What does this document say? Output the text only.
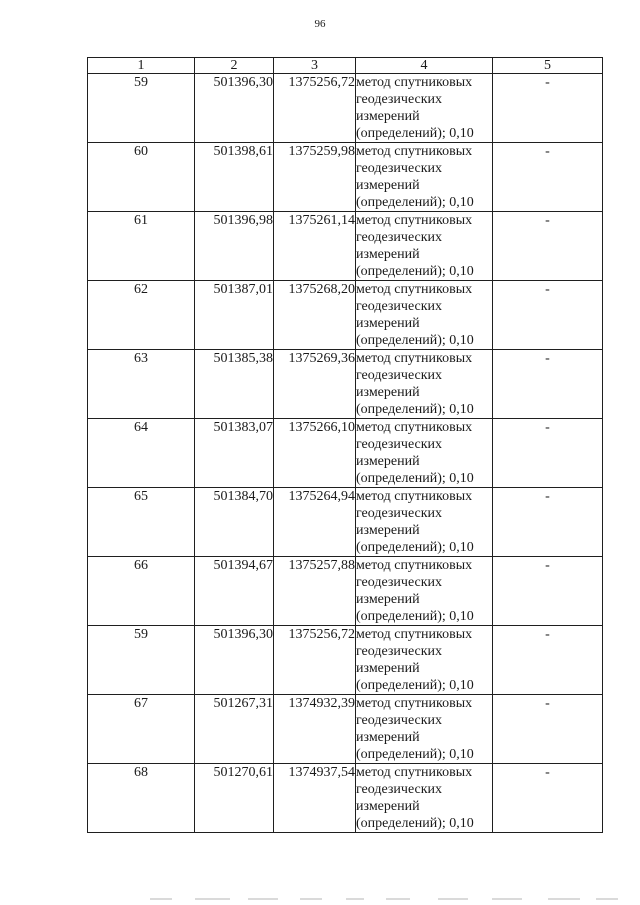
96
1	2	3	4	5
59	501396,30	1375256,72	метод спутниковых
геодезических
измерений
(определений); 0,10	-
60	501398,61	1375259,98	метод спутниковых
геодезических
измерений
(определений); 0,10	-
61	501396,98	1375261,14	метод спутниковых
геодезических
измерений
(определений); 0,10	-
62	501387,01	1375268,20	метод спутниковых
геодезических
измерений
(определений); 0,10	-
63	501385,38	1375269,36	метод спутниковых
геодезических
измерений
(определений); 0,10	-
64	501383,07	1375266,10	метод спутниковых
геодезических
измерений
(определений); 0,10	-
65	501384,70	1375264,94	метод спутниковых
геодезических
измерений
(определений); 0,10	-
66	501394,67	1375257,88	метод спутниковых
геодезических
измерений
(определений); 0,10	-
59	501396,30	1375256,72	метод спутниковых
геодезических
измерений
(определений); 0,10	-
67	501267,31	1374932,39	метод спутниковых
геодезических
измерений
(определений); 0,10	-
68	501270,61	1374937,54	метод спутниковых
геодезических
измерений
(определений); 0,10	-
